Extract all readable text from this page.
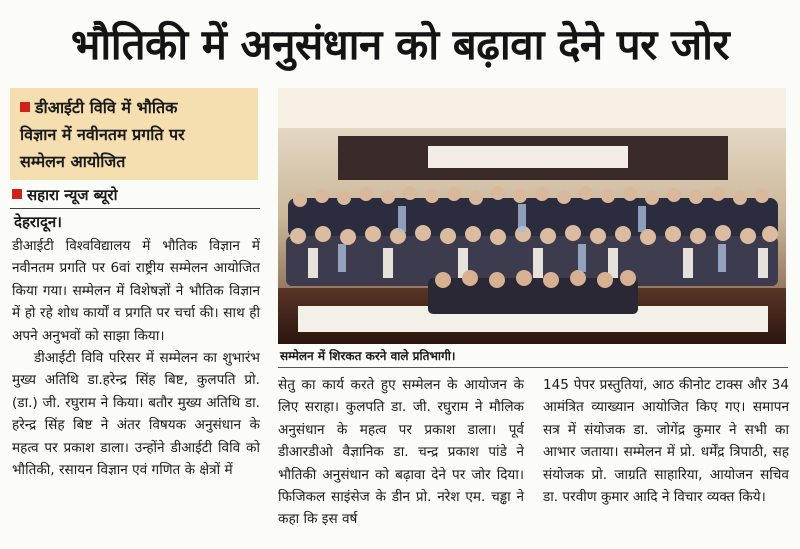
भौतिकी में अनुसंधान को बढ़ावा देने पर जोर
डीआईटी विवि में भौतिक
विज्ञान में नवीनतम प्रगति पर
सम्मेलन आयोजित
सहारा न्यूज ब्यूरो
देहरादून।

डीआईटी विश्वविद्यालय में भौतिक विज्ञान में नवीनतम प्रगति पर 6वां राष्ट्रीय सम्मेलन आयोजित किया गया। सम्मेलन में विशेषज्ञों ने भौतिक विज्ञान में हो रहे शोध कार्यों व प्रगति पर चर्चा की। साथ ही अपने अनुभवों को साझा किया।

डीआईटी विवि परिसर में सम्मेलन का शुभारंभ मुख्य अतिथि डा.हरेन्द्र सिंह बिष्ट, कुलपति प्रो. (डा.) जी. रघुराम ने किया। बतौर मुख्य अतिथि डा. हरेन्द्र सिंह बिष्ट ने अंतर विषयक अनुसंधान के महत्व पर प्रकाश डाला। उन्होंने डीआईटी विवि को भौतिकी, रसायन विज्ञान एवं गणित के क्षेत्रों में

सम्मेलन में शिरकत करने वाले प्रतिभागी।

सेतु का कार्य करते हुए सम्मेलन के आयोजन के लिए सराहा। कुलपति डा. जी. रघुराम ने मौलिक अनुसंधान के महत्व पर प्रकाश डाला। पूर्व डीआरडीओ वैज्ञानिक डा. चन्द्र प्रकाश पांडे ने भौतिकी अनुसंधान को बढ़ावा देने पर जोर दिया। फिजिकल साइंसेज के डीन प्रो. नरेश एम. चड्ढा ने कहा कि इस वर्ष

145 पेपर प्रस्तुतियां, आठ कीनोट टाक्स और 34 आमंत्रित व्याख्यान आयोजित किए गए। समापन सत्र में संयोजक डा. जोगेंद्र कुमार ने सभी का आभार जताया। सम्मेलन में प्रो. धर्मेंद्र त्रिपाठी, सह संयोजक प्रो. जाग्रति साहारिया, आयोजन सचिव डा. परवीण कुमार आदि ने विचार व्यक्त किये।
